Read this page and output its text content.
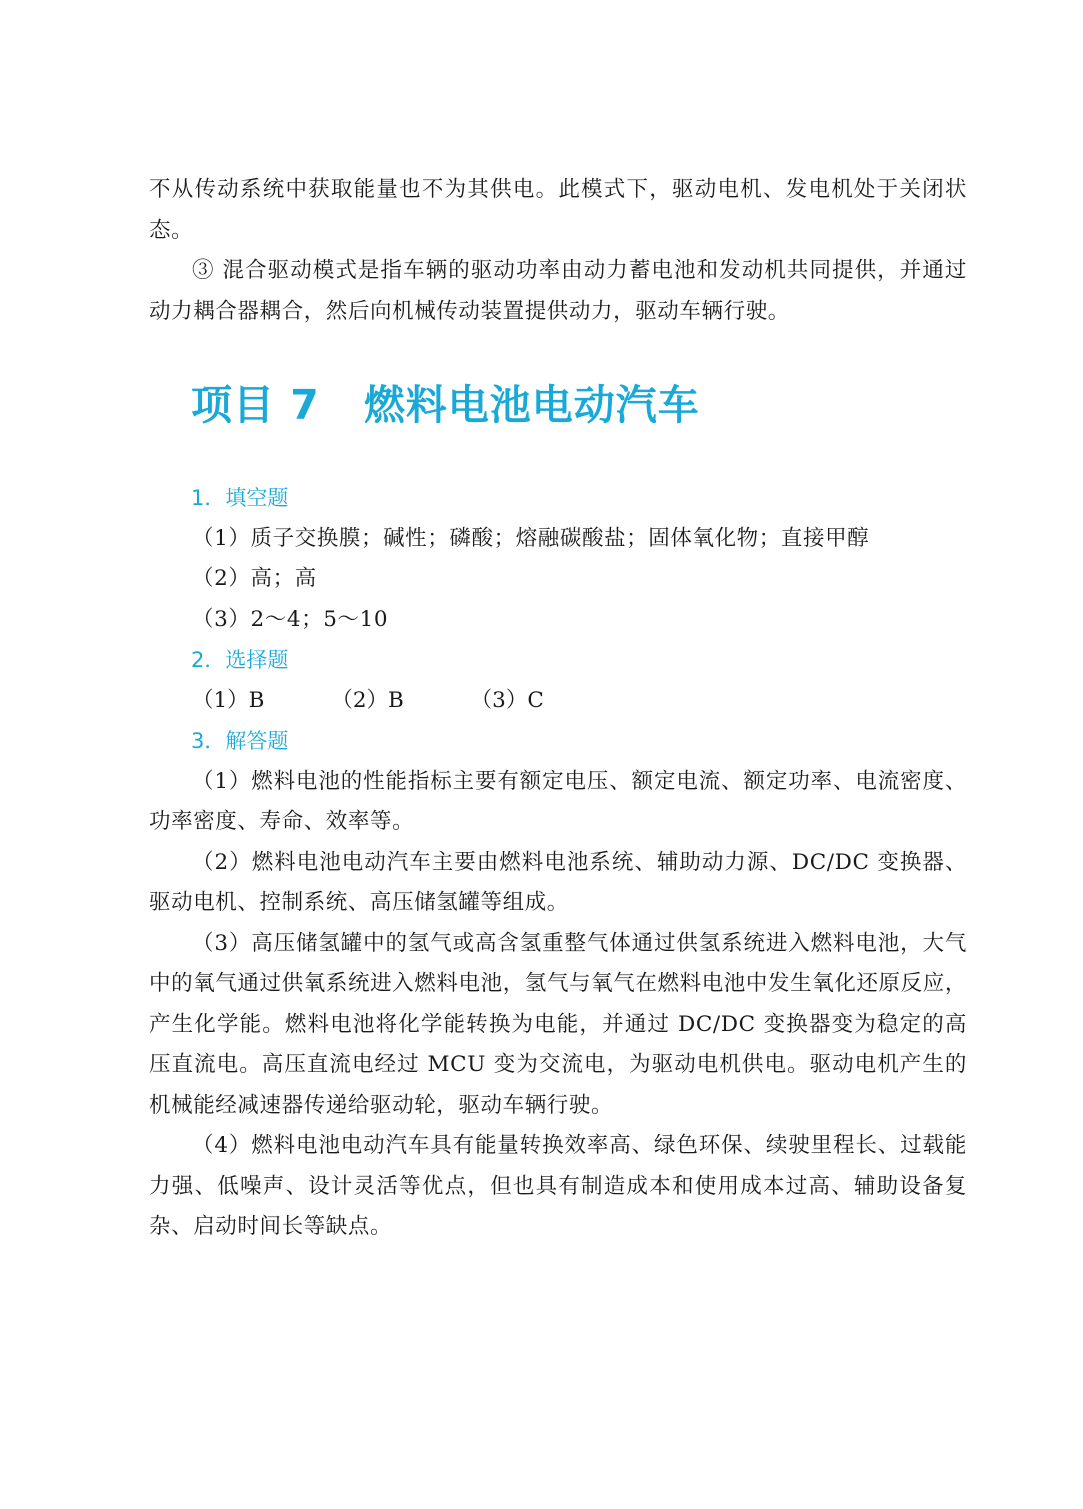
不从传动系统中获取能量也不为其供电。此模式下，驱动电机、发电机处于关闭状态。

③ 混合驱动模式是指车辆的驱动功率由动力蓄电池和发动机共同提供，并通过动力耦合器耦合，然后向机械传动装置提供动力，驱动车辆行驶。

项目 7 燃料电池电动汽车

1．填空题

（1）质子交换膜；碱性；磷酸；熔融碳酸盐；固体氧化物；直接甲醇

（2）高；高

（3）2～4；5～10

2．选择题

（1）B	（2）B	（3）C

3．解答题

（1）燃料电池的性能指标主要有额定电压、额定电流、额定功率、电流密度、功率密度、寿命、效率等。

（2）燃料电池电动汽车主要由燃料电池系统、辅助动力源、DC/DC 变换器、驱动电机、控制系统、高压储氢罐等组成。

（3）高压储氢罐中的氢气或高含氢重整气体通过供氢系统进入燃料电池，大气中的氧气通过供氧系统进入燃料电池，氢气与氧气在燃料电池中发生氧化还原反应，产生化学能。燃料电池将化学能转换为电能，并通过 DC/DC 变换器变为稳定的高压直流电。高压直流电经过 MCU 变为交流电，为驱动电机供电。驱动电机产生的机械能经减速器传递给驱动轮，驱动车辆行驶。

（4）燃料电池电动汽车具有能量转换效率高、绿色环保、续驶里程长、过载能力强、低噪声、设计灵活等优点，但也具有制造成本和使用成本过高、辅助设备复杂、启动时间长等缺点。
